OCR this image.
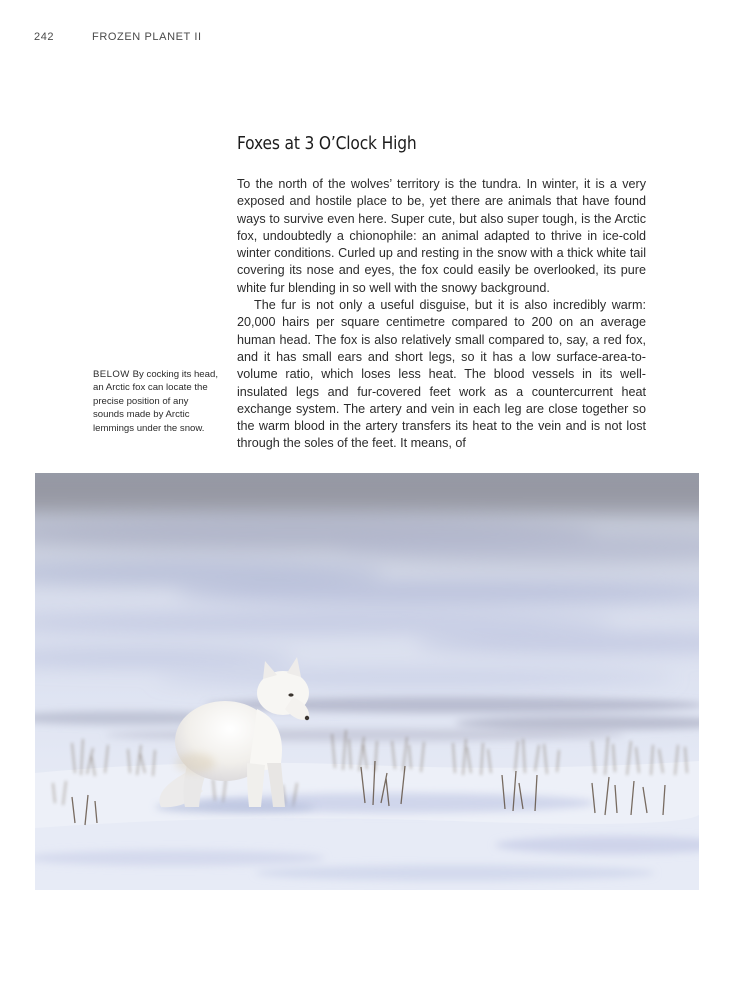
242	FROZEN PLANET II
Foxes at 3 O’Clock High

To the north of the wolves’ territory is the tundra. In winter, it is a very exposed and hostile place to be, yet there are animals that have found ways to survive even here. Super cute, but also super tough, is the Arctic fox, undoubtedly a chionophile: an animal adapted to thrive in ice-cold winter conditions. Curled up and resting in the snow with a thick white tail covering its nose and eyes, the fox could easily be overlooked, its pure white fur blending in so well with the snowy background.

The fur is not only a useful disguise, but it is also incredibly warm: 20,000 hairs per square centimetre compared to 200 on an average human head. The fox is also relatively small compared to, say, a red fox, and it has small ears and short legs, so it has a low surface-area-to-volume ratio, which loses less heat. The blood vessels in its well-insulated legs and fur-covered feet work as a countercurrent heat exchange system. The artery and vein in each leg are close together so the warm blood in the artery transfers its heat to the vein and is not lost through the soles of the feet. It means, of

BELOW By cocking its head, an Arctic fox can locate the precise position of any sounds made by Arctic lemmings under the snow.
